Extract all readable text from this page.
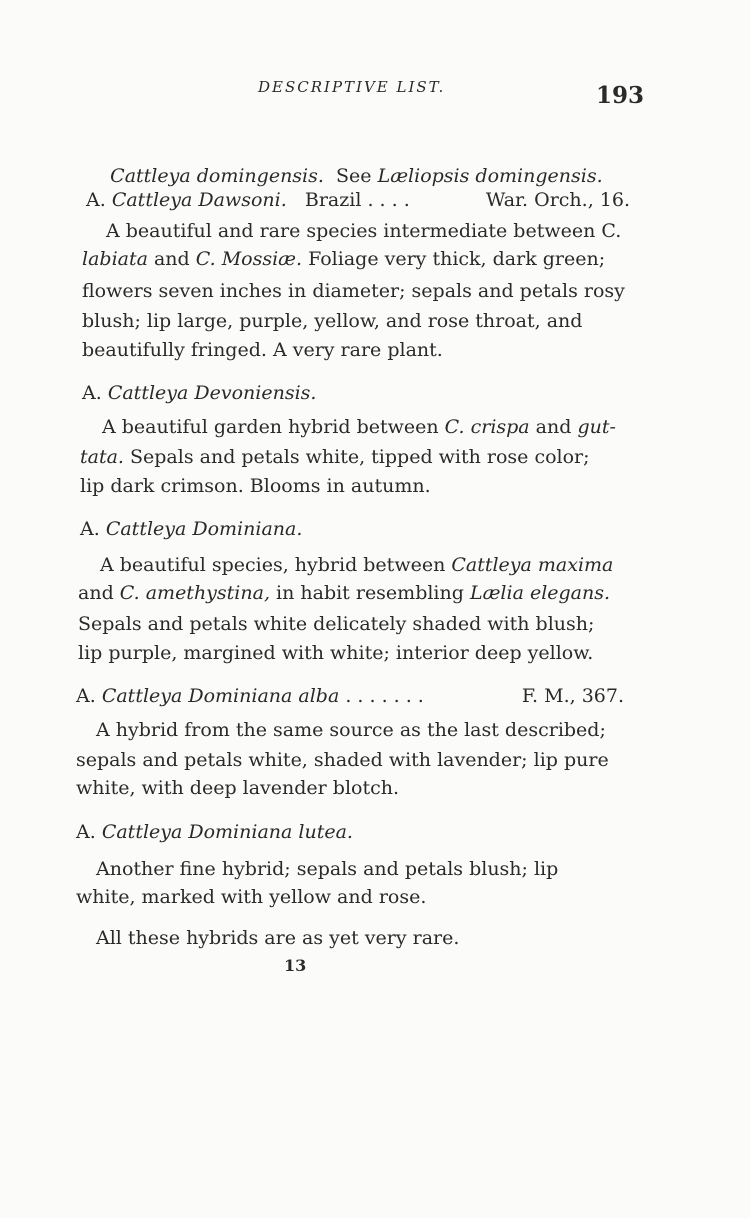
DESCRIPTIVE LIST.	193

Cattleya domingensis. See Læliopsis domingensis.

A. Cattleya Dawsoni. Brazil . . . .	War. Orch., 16.
A beautiful and rare species intermediate between C.
labiata and C. Mossiæ. Foliage very thick, dark green;
flowers seven inches in diameter; sepals and petals rosy
blush; lip large, purple, yellow, and rose throat, and
beautifully fringed. A very rare plant.
A. Cattleya Devoniensis.
A beautiful garden hybrid between C. crispa and gut-
tata. Sepals and petals white, tipped with rose color;
lip dark crimson. Blooms in autumn.
A. Cattleya Dominiana.
A beautiful species, hybrid between Cattleya maxima
and C. amethystina, in habit resembling Lælia elegans.
Sepals and petals white delicately shaded with blush;
lip purple, margined with white; interior deep yellow.
A. Cattleya Dominiana alba . . . . . . .	F. M., 367.
A hybrid from the same source as the last described;
sepals and petals white, shaded with lavender; lip pure
white, with deep lavender blotch.
A. Cattleya Dominiana lutea.
Another fine hybrid; sepals and petals blush; lip
white, marked with yellow and rose.
All these hybrids are as yet very rare.
13
